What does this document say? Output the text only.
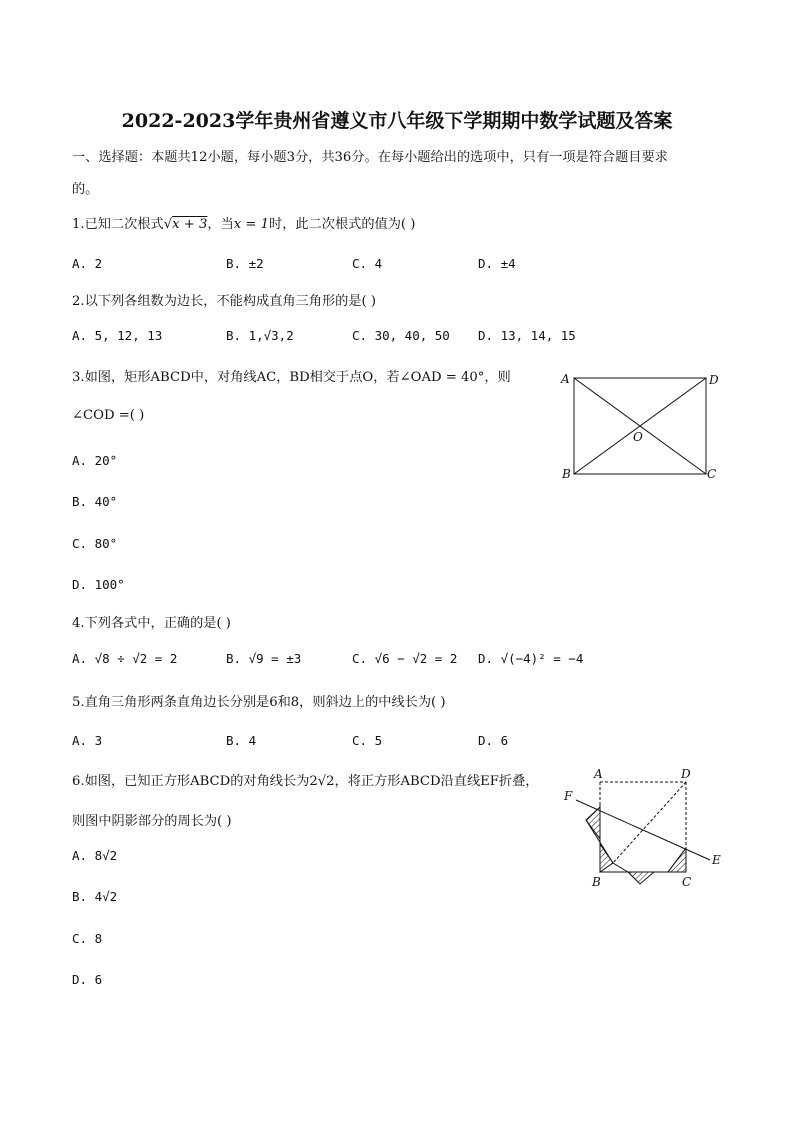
2022-2023学年贵州省遵义市八年级下学期期中数学试题及答案
一、选择题：本题共12小题，每小题3分，共36分。在每小题给出的选项中，只有一项是符合题目要求
的。
1.已知二次根式√x + 3，当x = 1时，此二次根式的值为( )
A. 2	B. ±2	C. 4	D. ±4
2.以下列各组数为边长，不能构成直角三角形的是( )
A. 5, 12, 13	B. 1,√3,2	C. 30, 40, 50 D. 13, 14, 15
3.如图，矩形ABCD中，对角线AC，BD相交于点O，若∠OAD = 40°，则
∠COD =( )
A. 20°
B. 40°
C. 80°
D. 100°
A	D
B	C
O
4.下列各式中，正确的是( )
A. √8 ÷ √2 = 2	B. √9 = ±3	C. √6 − √2 = 2 D. √(−4)² = −4
5.直角三角形两条直角边长分别是6和8，则斜边上的中线长为( )
A. 3	B. 4	C. 5	D. 6
6.如图，已知正方形ABCD的对角线长为2√2，将正方形ABCD沿直线EF折叠，
则图中阴影部分的周长为( )
A. 8√2
B. 4√2
C. 8
D. 6
A	D
F
E
B	C
